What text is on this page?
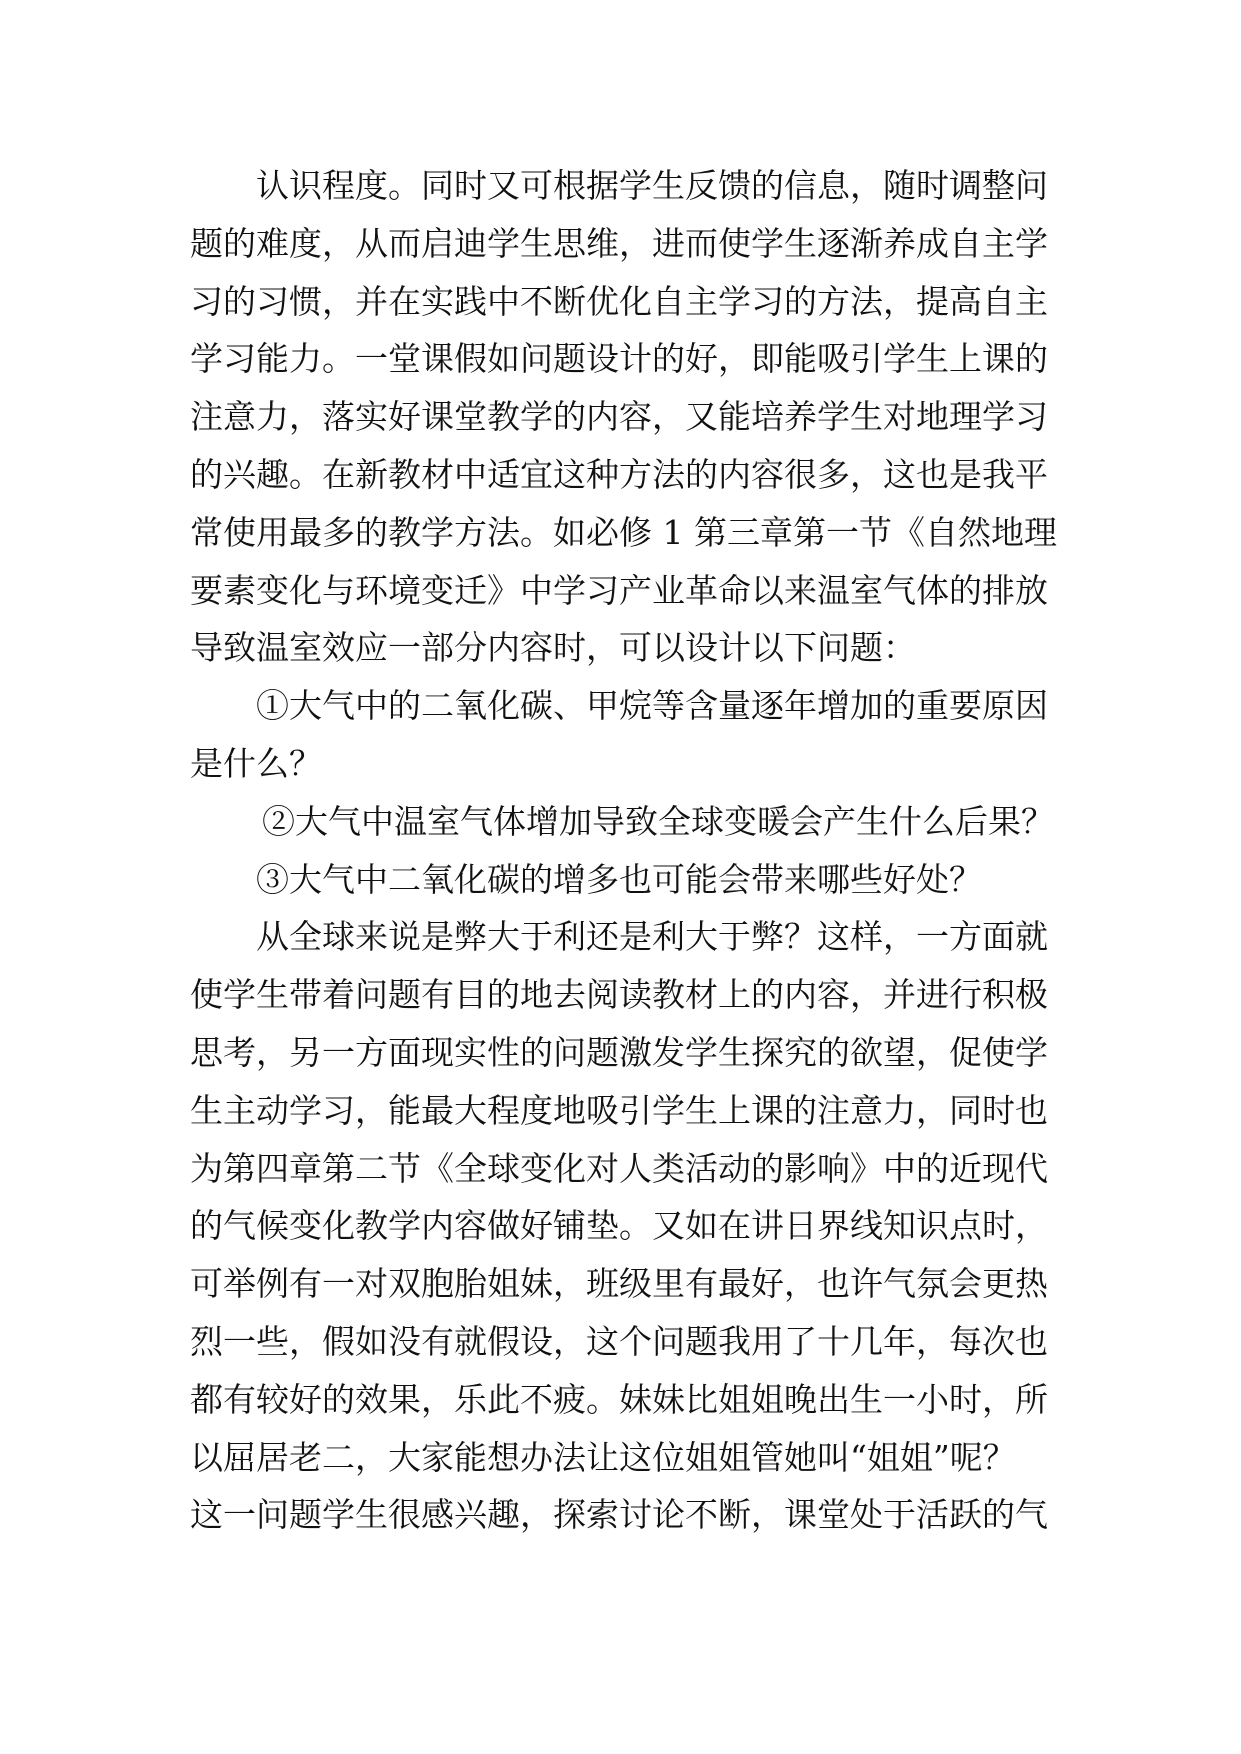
认识程度。同时又可根据学生反馈的信息，随时调整问
题的难度，从而启迪学生思维，进而使学生逐渐养成自主学
习的习惯，并在实践中不断优化自主学习的方法，提高自主
学习能力。一堂课假如问题设计的好，即能吸引学生上课的
注意力，落实好课堂教学的内容，又能培养学生对地理学习
的兴趣。在新教材中适宜这种方法的内容很多，这也是我平
常使用最多的教学方法。如必修 1 第三章第一节《自然地理
要素变化与环境变迁》中学习产业革命以来温室气体的排放
导致温室效应一部分内容时，可以设计以下问题：
①大气中的二氧化碳、甲烷等含量逐年增加的重要原因
是什么？
②大气中温室气体增加导致全球变暖会产生什么后果？
③大气中二氧化碳的增多也可能会带来哪些好处？
从全球来说是弊大于利还是利大于弊？这样，一方面就
使学生带着问题有目的地去阅读教材上的内容，并进行积极
思考，另一方面现实性的问题激发学生探究的欲望，促使学
生主动学习，能最大程度地吸引学生上课的注意力，同时也
为第四章第二节《全球变化对人类活动的影响》中的近现代
的气候变化教学内容做好铺垫。又如在讲日界线知识点时，
可举例有一对双胞胎姐妹，班级里有最好，也许气氛会更热
烈一些，假如没有就假设，这个问题我用了十几年，每次也
都有较好的效果，乐此不疲。妹妹比姐姐晚出生一小时，所
以屈居老二，大家能想办法让这位姐姐管她叫“姐姐”呢？
这一问题学生很感兴趣，探索讨论不断，课堂处于活跃的气
